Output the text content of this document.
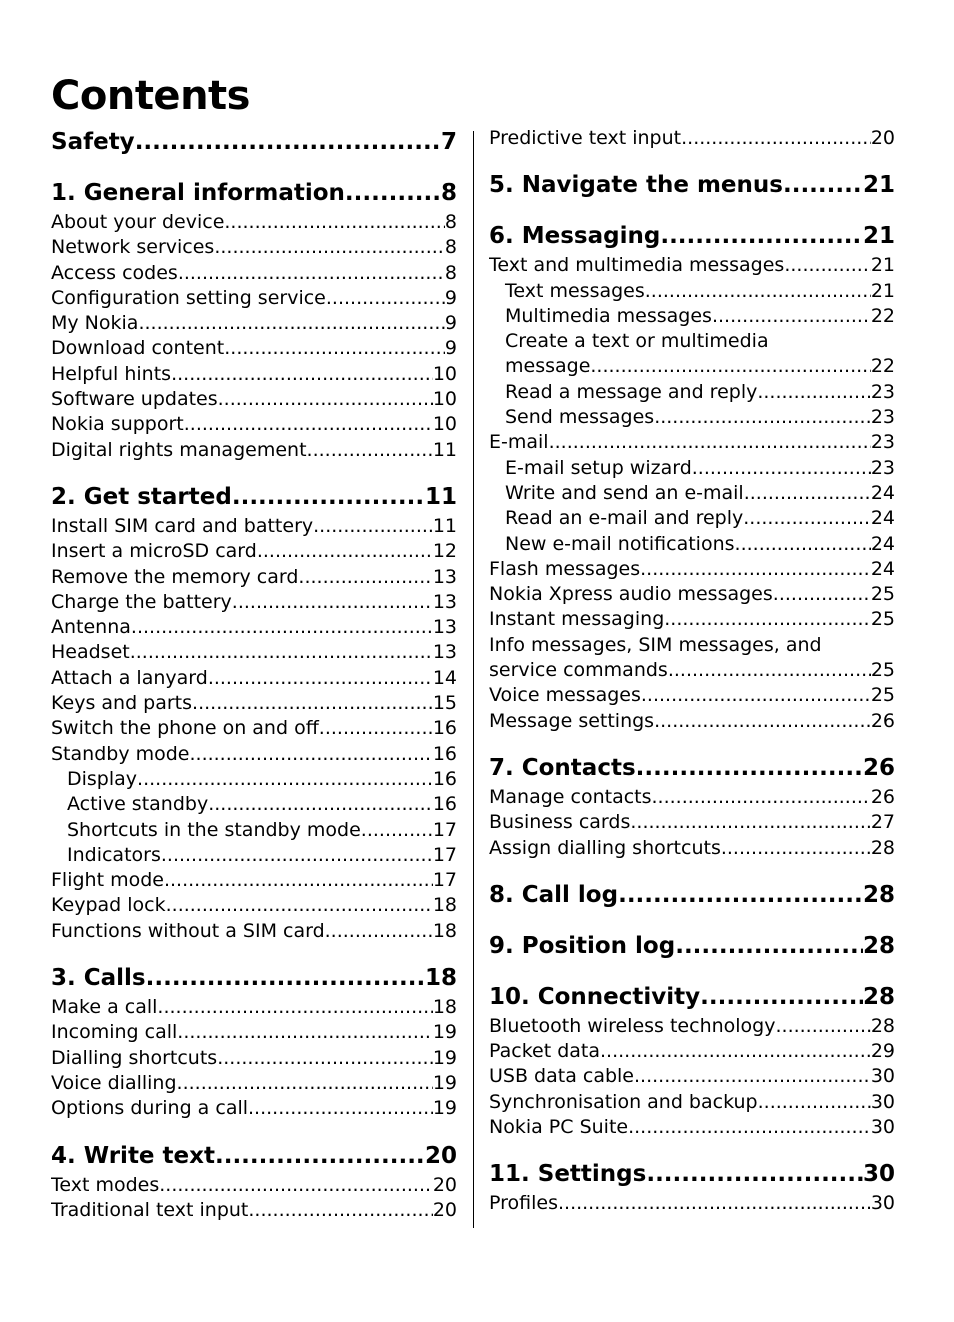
Contents
Safety .....	7
1. General information .....	8
About your device .....	8
Network services .....	8
Access codes .....	8
Configuration setting service .....	9
My Nokia .....	9
Download content .....	9
Helpful hints .....	10
Software updates .....	10
Nokia support .....	10
Digital rights management .....	11
2. Get started .....	11
Install SIM card and battery .....	11
Insert a microSD card .....	12
Remove the memory card .....	13
Charge the battery .....	13
Antenna .....	13
Headset .....	13
Attach a lanyard .....	14
Keys and parts .....	15
Switch the phone on and off .....	16
Standby mode .....	16
Display .....	16
Active standby .....	16
Shortcuts in the standby mode .....	17
Indicators .....	17
Flight mode .....	17
Keypad lock .....	18
Functions without a SIM card .....	18
3. Calls .....	18
Make a call .....	18
Incoming call .....	19
Dialling shortcuts .....	19
Voice dialling .....	19
Options during a call .....	19
4. Write text .....	20
Text modes .....	20
Traditional text input .....	20
Predictive text input .....	20
5. Navigate the menus .....	21
6. Messaging .....	21
Text and multimedia messages .....	21
Text messages .....	21
Multimedia messages .....	22
Create a text or multimedia
message .....	22
Read a message and reply .....	23
Send messages .....	23
E-mail .....	23
E-mail setup wizard .....	23
Write and send an e-mail .....	24
Read an e-mail and reply .....	24
New e-mail notifications .....	24
Flash messages .....	24
Nokia Xpress audio messages .....	25
Instant messaging .....	25
Info messages, SIM messages, and
service commands .....	25
Voice messages .....	25
Message settings .....	26
7. Contacts .....	26
Manage contacts .....	26
Business cards .....	27
Assign dialling shortcuts .....	28
8. Call log .....	28
9. Position log .....	28
10. Connectivity .....	28
Bluetooth wireless technology .....	28
Packet data .....	29
USB data cable .....	30
Synchronisation and backup .....	30
Nokia PC Suite .....	30
11. Settings .....	30
Profiles .....	30
